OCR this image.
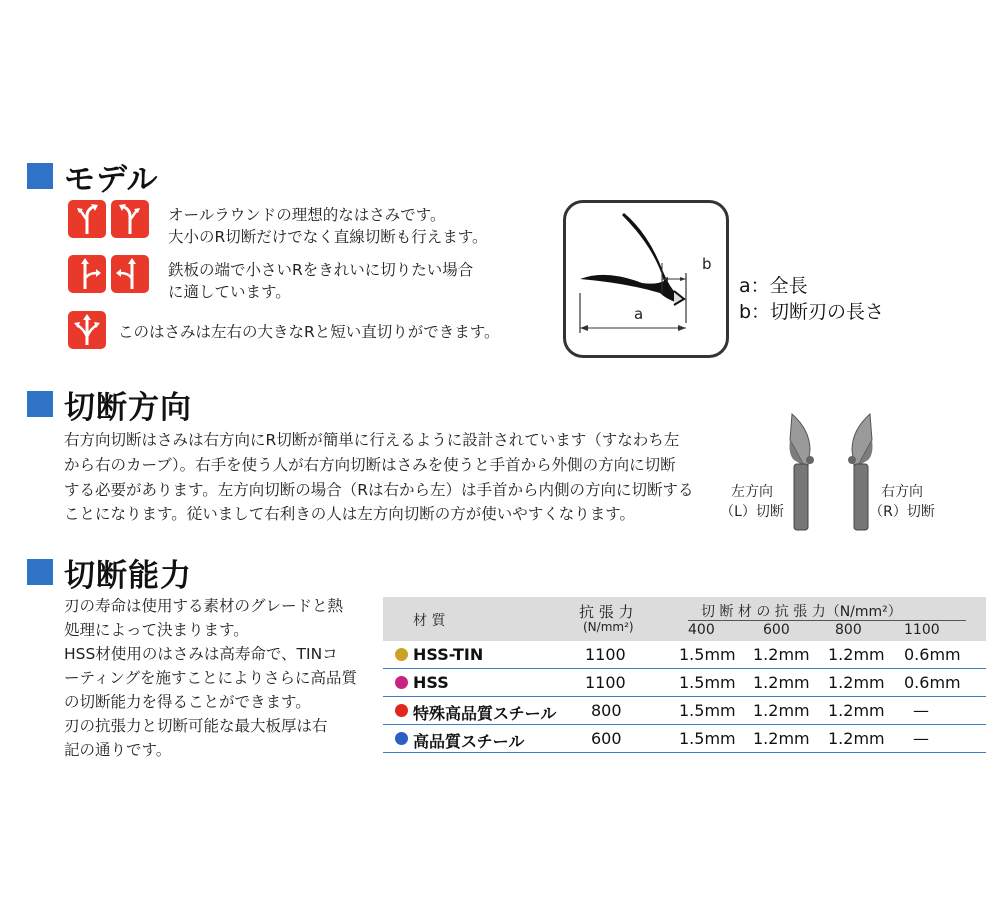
モデル
オールラウンドの理想的なはさみです。
大小のR切断だけでなく直線切断も行えます。
鉄板の端で小さいRをきれいに切りたい場合
に適しています。
このはさみは左右の大きなRと短い直切りができます。
b
a
a：全長
b：切断刃の長さ
切断方向
右方向切断はさみは右方向にR切断が簡単に行えるように設計されています（すなわち左
から右のカーブ）。右手を使う人が右方向切断はさみを使うと手首から外側の方向に切断
する必要があります。左方向切断の場合（Rは右から左）は手首から内側の方向に切断する
ことになります。従いまして右利きの人は左方向切断の方が使いやすくなります。
左方向
（L）切断
右方向
（R）切断
切断能力
刃の寿命は使用する素材のグレードと熱
処理によって決まります。
HSS材使用のはさみは高寿命で、TINコ
ーティングを施すことによりさらに高品質
の切断能力を得ることができます。
刃の抗張力と切断可能な最大板厚は右
記の通りです。
材 質	抗 張 力
(N/mm²)
切 断 材 の 抗 張 力（N/mm²）
400	600	800	1100
HSS-TIN	1100	1.5mm 1.2mm 1.2mm 0.6mm
HSS	1100	1.5mm 1.2mm 1.2mm 0.6mm
特殊高品質スチール 800	1.5mm 1.2mm 1.2mm —
高品質スチール	600	1.5mm 1.2mm 1.2mm —
